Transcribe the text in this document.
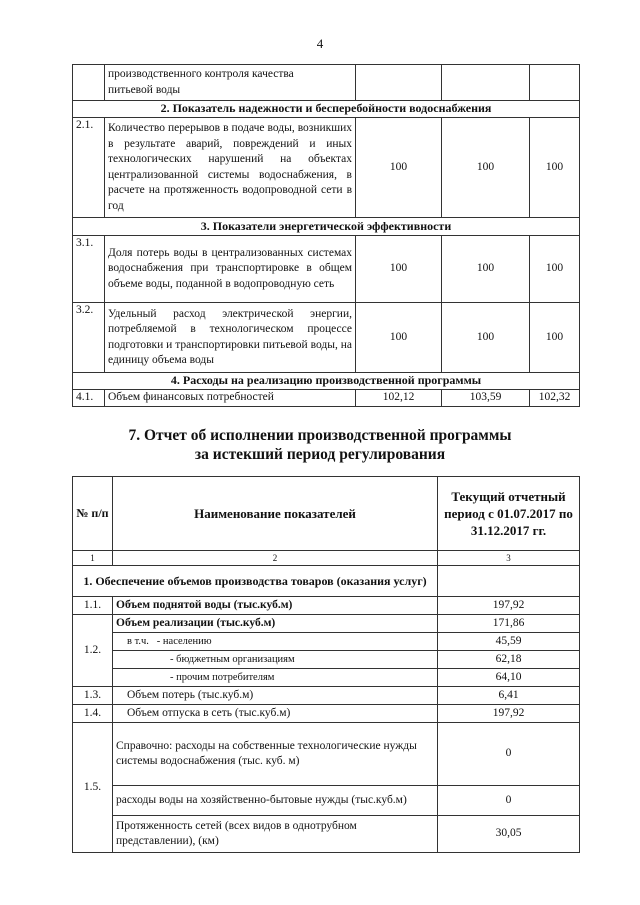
4

	производственного контроля качества
питьевой воды			

2. Показатель надежности и бесперебойности водоснабжения				
2.1.	Количество перерывов в подаче воды, возникших в результате аварий, повреждений и иных технологических нарушений на объектах централизованной системы водоснабжения, в расчете на протяженность водопроводной сети в год	100	100	100
3. Показатели энергетической эффективности				
3.1.	Доля потерь воды в централизованных системах водоснабжения при транспортировке в общем объеме воды, поданной в водопроводную сеть	100	100	100
3.2.	Удельный расход электрической энергии, потребляемой в технологическом процессе подготовки и транспортировки питьевой воды, на единицу объема воды	100	100	100
4. Расходы на реализацию производственной программы				
4.1.	Объем финансовых потребностей	102,12	103,59	102,32
7. Отчет об исполнении производственной программы
за истекший период регулирования
№ п/п	Наименование показателей	Текущий отчетный период с 01.07.2017 по 31.12.2017 гг.
1	2	3
1. Обеспечение объемов производства товаров (оказания услуг)		
1.1.	Объем поднятой воды (тыс.куб.м)	197,92
1.2.	Объем реализации (тыс.куб.м)	171,86
	в т.ч. - населению	45,59
	- бюджетным организациям	62,18
	- прочим потребителям	64,10
1.3.	Объем потерь (тыс.куб.м)	6,41
1.4.	Объем отпуска в сеть (тыс.куб.м)	197,92
1.5.	Справочно: расходы на собственные технологические нужды системы водоснабжения (тыс. куб. м)	0
	расходы воды на хозяйственно-бытовые нужды (тыс.куб.м)	0
	Протяженность сетей (всех видов в однотрубном представлении), (км)	30,05
